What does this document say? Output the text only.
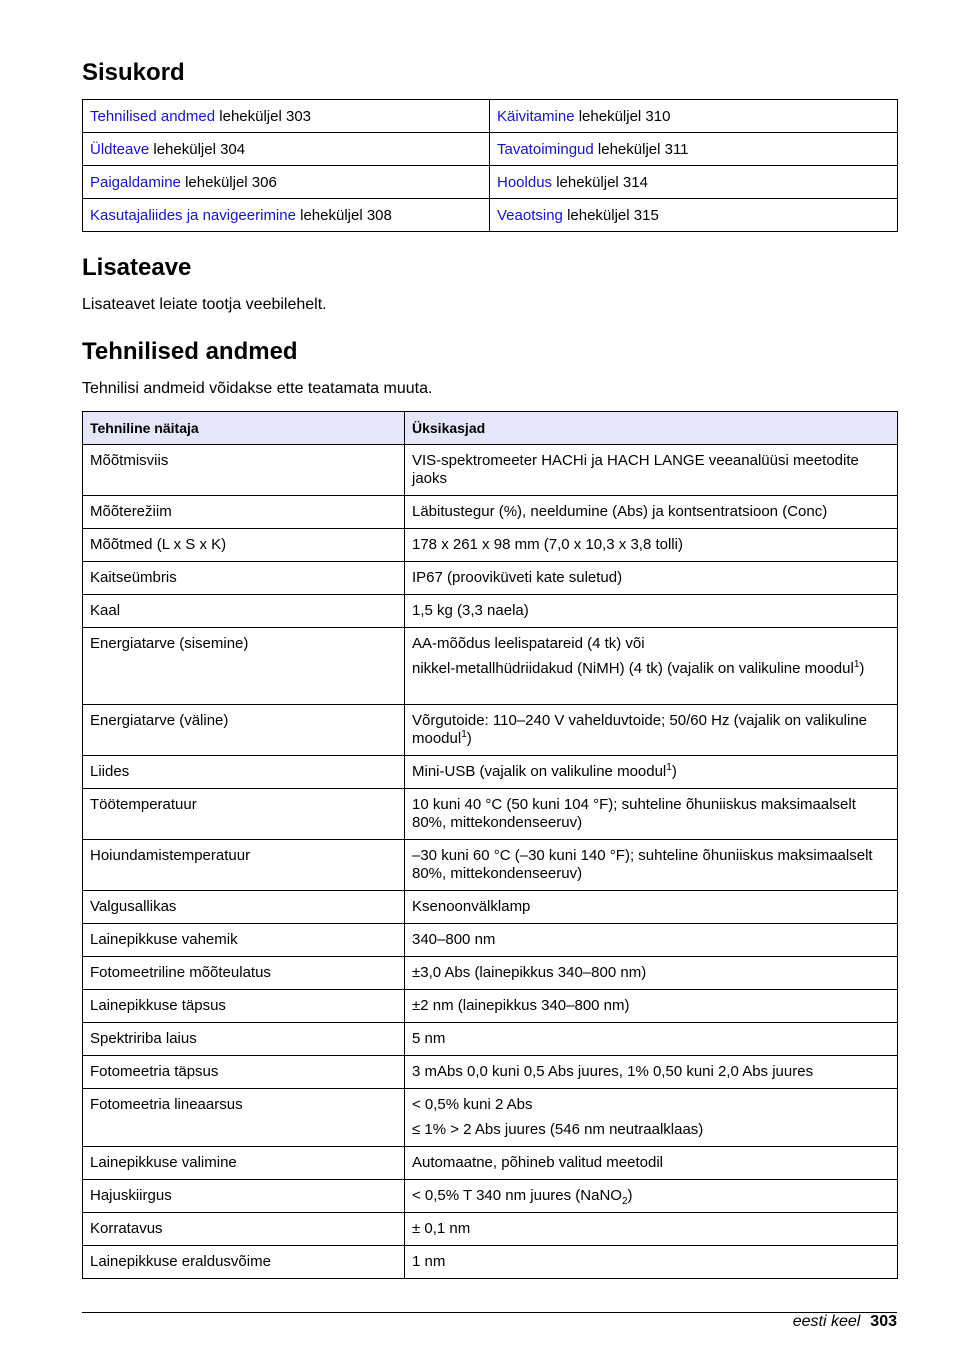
Sisukord
Tehnilised andmed leheküljel 303	Käivitamine leheküljel 310
Üldteave leheküljel 304	Tavatoimingud leheküljel 311
Paigaldamine leheküljel 306	Hooldus leheküljel 314
Kasutajaliides ja navigeerimine leheküljel 308	Veaotsing leheküljel 315
Lisateave

Lisateavet leiate tootja veebilehelt.

Tehnilised andmed

Tehnilisi andmeid võidakse ette teatamata muuta.

Tehniline näitaja	Üksikasjad
Mõõtmisviis	VIS-spektromeeter HACHi ja HACH LANGE veeanalüüsi meetodite jaoks
Mõõterežiim	Läbitustegur (%), neeldumine (Abs) ja kontsentratsioon (Conc)
Mõõtmed (L x S x K)	178 x 261 x 98 mm (7,0 x 10,3 x 3,8 tolli)
Kaitseümbris	IP67 (prooviküveti kate suletud)
Kaal	1,5 kg (3,3 naela)
Energiatarve (sisemine)	AA-mõõdus leelispatareid (4 tk) või

nikkel-metallhüdriidakud (NiMH) (4 tk) (vajalik on valikuline moodul$^1$)

Energiatarve (väline)	Võrgutoide: 110–240 V vahelduvtoide; 50/60 Hz (vajalik on valikuline moodul$^1$)
Liides	Mini-USB (vajalik on valikuline moodul$^1$)
Töötemperatuur	10 kuni 40 °C (50 kuni 104 °F); suhteline õhuniiskus maksimaalselt 80%, mittekondenseeruv)
Hoiundamistemperatuur	–30 kuni 60 °C (–30 kuni 140 °F); suhteline õhuniiskus maksimaalselt 80%, mittekondenseeruv)
Valgusallikas	Ksenoonvälklamp
Lainepikkuse vahemik	340–800 nm
Fotomeetriline mõõteulatus	±3,0 Abs (lainepikkus 340–800 nm)
Lainepikkuse täpsus	±2 nm (lainepikkus 340–800 nm)
Spektririba laius	5 nm
Fotomeetria täpsus	3 mAbs 0,0 kuni 0,5 Abs juures, 1% 0,50 kuni 2,0 Abs juures
Fotomeetria lineaarsus	< 0,5% kuni 2 Abs

≤ 1% > 2 Abs juures (546 nm neutraalklaas)

Lainepikkuse valimine	Automaatne, põhineb valitud meetodil
Hajuskiirgus	< 0,5% T 340 nm juures (NaNO$_2$)
Korratavus	± 0,1 nm
Lainepikkuse eraldusvõime	1 nm
eesti keel 303
